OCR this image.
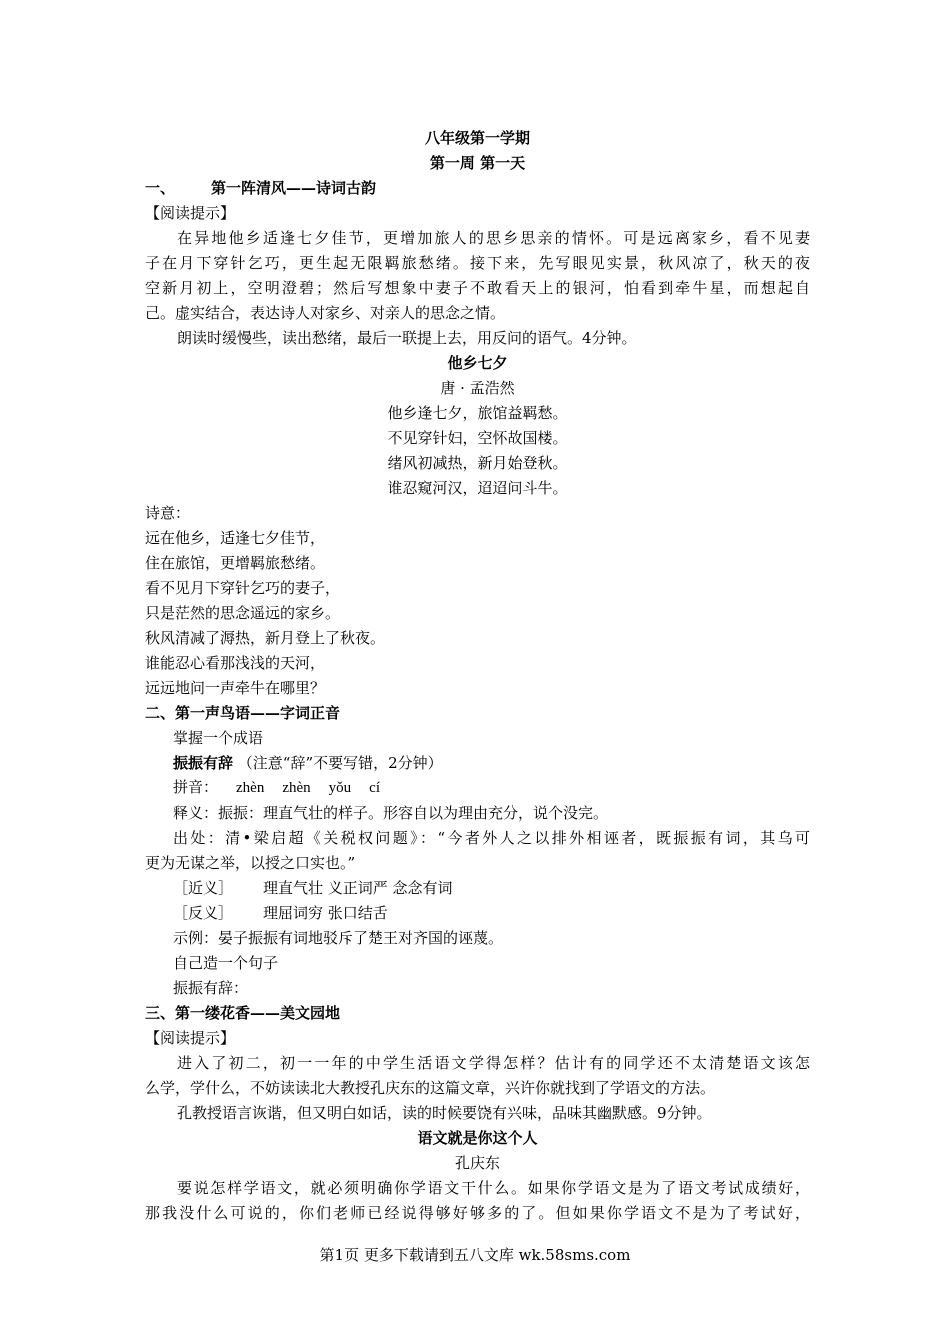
八年级第一学期
第一周 第一天
一、 第一阵清风——诗词古韵
【阅读提示】
在异地他乡适逢七夕佳节，更增加旅人的思乡思亲的情怀。可是远离家乡，看不见妻
子在月下穿针乞巧，更生起无限羁旅愁绪。接下来，先写眼见实景，秋风凉了，秋天的夜
空新月初上，空明澄碧；然后写想象中妻子不敢看天上的银河，怕看到牵牛星，而想起自
己。虚实结合，表达诗人对家乡、对亲人的思念之情。
朗读时缓慢些，读出愁绪，最后一联提上去，用反问的语气。4分钟。
他乡七夕
唐 · 孟浩然
他乡逢七夕，旅馆益羁愁。
不见穿针妇，空怀故国楼。
绪风初减热，新月始登秋。
谁忍窥河汉，迢迢问斗牛。
诗意：
远在他乡，适逢七夕佳节，
住在旅馆，更增羁旅愁绪。
看不见月下穿针乞巧的妻子，
只是茫然的思念遥远的家乡。
秋风清减了溽热，新月登上了秋夜。
谁能忍心看那浅浅的天河，
远远地问一声牵牛在哪里？
二、第一声鸟语——字词正音
掌握一个成语
振振有辞 （注意“辞”不要写错，2分钟）
拼音： zhèn zhèn yǒu cí
释义：振振：理直气壮的样子。形容自以为理由充分，说个没完。
出处：清•梁启超《关税权问题》：“今者外人之以排外相诬者，既振振有词，其乌可
更为无谋之举，以授之口实也。”
［近义］ 理直气壮 义正词严 念念有词
［反义］ 理屈词穷 张口结舌
示例：晏子振振有词地驳斥了楚王对齐国的诬蔑。
自己造一个句子
振振有辞：
三、第一缕花香——美文园地
【阅读提示】
进入了初二，初一一年的中学生活语文学得怎样？估计有的同学还不太清楚语文该怎
么学，学什么，不妨读读北大教授孔庆东的这篇文章，兴许你就找到了学语文的方法。
孔教授语言诙谐，但又明白如话，读的时候要饶有兴味，品味其幽默感。9分钟。
语文就是你这个人
孔庆东
要说怎样学语文，就必须明确你学语文干什么。如果你学语文是为了语文考试成绩好，
那我没什么可说的，你们老师已经说得够好够多的了。但如果你学语文不是为了考试好，
第1页 更多下载请到五八文库 wk.58sms.com
